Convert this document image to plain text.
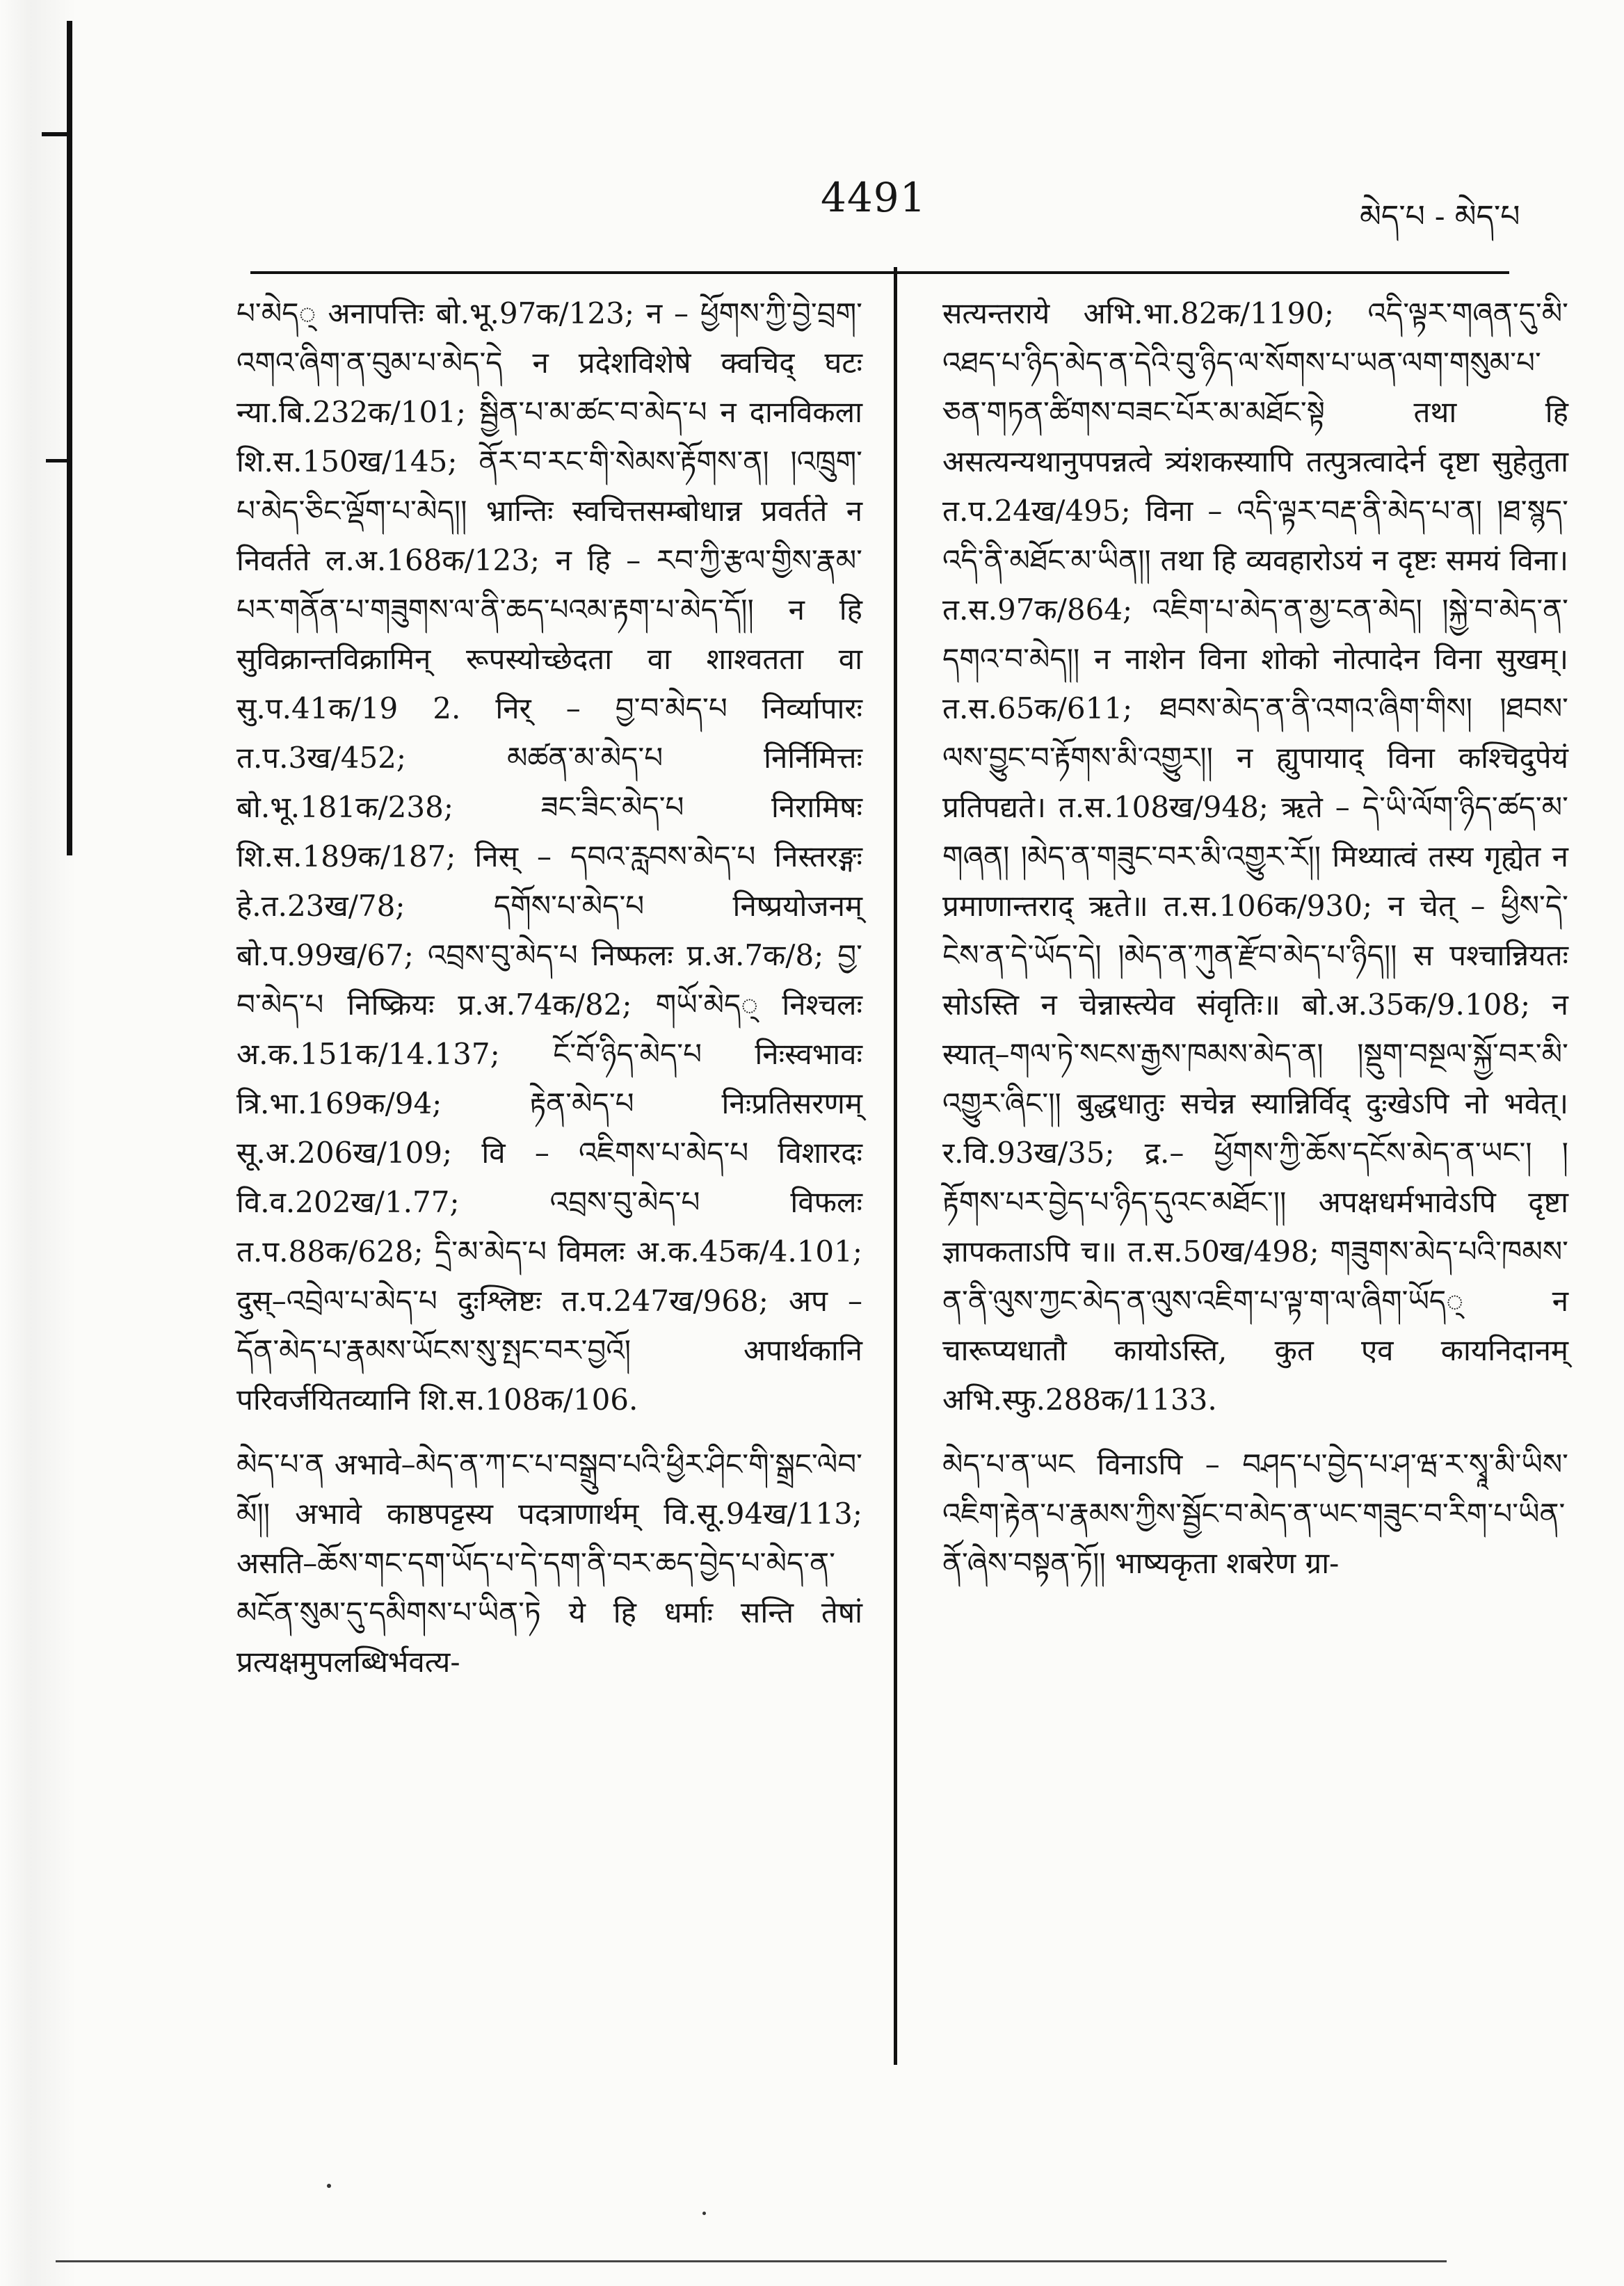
4491	མེད་པ - མེད་པ

པ་མེད् अनापत्तिः बो.भू.97क/123; न – ཕྱོགས་ཀྱི་བྱེ་བྲག་འགའ་ཞིག་ན་བུམ་པ་མེད་དེ न प्रदेशविशेषे क्वचिद् घटः न्या.बि.232क/101; སྦྱིན་པ་མ་ཚང་བ་མེད་པ न दानविकला शि.स.150ख/145; ནོར་བ་རང་གི་སེམས་རྟོགས་ན། །འཁྲུག་པ་མེད་ཅིང་ལྡོག་པ་མེད།། भ्रान्तिः स्वचित्तसम्बोधान्न प्रवर्तते न निवर्तते ल.अ.168क/123; न हि – རབ་ཀྱི་རྩལ་གྱིས་རྣམ་པར་གནོན་པ་གཟུགས་ལ་ནི་ཆད་པའམ་རྟག་པ་མེད་དོ།། न हि सुविक्रान्तविक्रामिन् रूपस्योच्छेदता वा शाश्वतता वा सु.प.41क/19 2. निर् – བྱ་བ་མེད་པ निर्व्यापारः त.प.3ख/452; མཚན་མ་མེད་པ निर्निमित्तः बो.भू.181क/238; ཟང་ཟིང་མེད་པ निरामिषः शि.स.189क/187; निस् – དབའ་རླབས་མེད་པ निस्तरङ्गः हे.त.23ख/78; དགོས་པ་མེད་པ निष्प्रयोजनम् बो.प.99ख/67; འབྲས་བུ་མེད་པ निष्फलः प्र.अ.7क/8; བྱ་བ་མེད་པ निष्क्रियः प्र.अ.74क/82; གཡོ་མེད् निश्चलः अ.क.151क/14.137; ངོ་བོ་ཉིད་མེད་པ निःस्वभावः त्रि.भा.169क/94; རྟེན་མེད་པ निःप्रतिसरणम् सू.अ.206ख/109; वि – འཇིགས་པ་མེད་པ विशारदः वि.व.202ख/1.77; འབྲས་བུ་མེད་པ विफलः त.प.88क/628; དྲི་མ་མེད་པ विमलः अ.क.45क/4.101; दुस्–འབྲེལ་པ་མེད་པ दुःश्लिष्टः त.प.247ख/968; अप – དོན་མེད་པ་རྣམས་ཡོངས་སུ་སྤང་བར་བྱའོ། अपार्थकानि परिवर्जयितव्यानि शि.स.108क/106.

མེད་པ་ན अभावे–མེད་ན་ཀ་ང་པ་བསྒྲུབ་པའི་ཕྱིར་ཤིང་གི་སྒྲང་ལེབ་མོ།། अभावे काष्ठपट्टस्य पदत्राणार्थम् वि.सू.94ख/113; असति–ཆོས་གང་དག་ཡོད་པ་དེ་དག་ནི་བར་ཆད་བྱེད་པ་མེད་ན་མངོན་སུམ་དུ་དམིགས་པ་ཡིན་ཏེ ये हि धर्माः सन्ति तेषां प्रत्यक्षमुपलब्धिर्भवत्य-

सत्यन्तराये अभि.भा.82क/1190; འདི་ལྟར་གཞན་དུ་མི་འཐད་པ་ཉིད་མེད་ན་དེའི་བུ་ཉིད་ལ་སོགས་པ་ཡན་ལག་གསུམ་པ་ཅན་གཏན་ཚིགས་བཟང་པོར་མ་མཐོང་སྟེ तथा हि असत्यन्यथानुपपन्नत्वे त्र्यंशकस्यापि तत्पुत्रत्वादेर्न दृष्टा सुहेतुता त.प.24ख/495; विना – འདི་ལྟར་བརྡ་ནི་མེད་པ་ན། །ཐ་སྙད་འདི་ནི་མཐོང་མ་ཡིན།། तथा हि व्यवहारोऽयं न दृष्टः समयं विना। त.स.97क/864; འཇིག་པ་མེད་ན་མྱ་ངན་མེད། །སྐྱེ་བ་མེད་ན་དགའ་བ་མེད།། न नाशेन विना शोको नोत्पादेन विना सुखम्। त.स.65क/611; ཐབས་མེད་ན་ནི་འགའ་ཞིག་གིས། །ཐབས་ལས་བྱུང་བ་རྟོགས་མི་འགྱུར།། न ह्युपायाद् विना कश्चिदुपेयं प्रतिपद्यते। त.स.108ख/948; ऋते – དེ་ཡི་ལོག་ཉིད་ཚད་མ་གཞན། །མེད་ན་གཟུང་བར་མི་འགྱུར་རོ།། मिथ्यात्वं तस्य गृह्येत न प्रमाणान्तराद् ऋते॥ त.स.106क/930; न चेत् – ཕྱིས་དེ་ངེས་ན་དེ་ཡོད་དེ། །མེད་ན་ཀུན་རྫོབ་མེད་པ་ཉིད།། स पश्चान्नियतः सोऽस्ति न चेन्नास्त्येव संवृतिः॥ बो.अ.35क/9.108; न स्यात्–གལ་ཏེ་སངས་རྒྱས་ཁམས་མེད་ན། །སྡུག་བསྔལ་སྐྱོ་བར་མི་འགྱུར་ཞིང་།། बुद्धधातुः सचेन्न स्यान्निर्विद् दुःखेऽपि नो भवेत्। र.वि.93ख/35; द्र.– ཕྱོགས་ཀྱི་ཆོས་དངོས་མེད་ན་ཡང་། །རྟོགས་པར་བྱེད་པ་ཉིད་དུའང་མཐོང་།། अपक्षधर्मभावेऽपि दृष्टा ज्ञापकताऽपि च॥ त.स.50ख/498; གཟུགས་མེད་པའི་ཁམས་ན་ནི་ལུས་ཀྱང་མེད་ན་ལུས་འཇིག་པ་ལྟ་ག་ལ་ཞིག་ཡོད् न चारूप्यधातौ कायोऽस्ति, कुत एव कायनिदानम् अभि.स्फु.288क/1133.

མེད་པ་ན་ཡང विनाऽपि – བཤད་པ་བྱེད་པ་ཤ་ཝ་ར་སྭཱ་མི་ཡིས་འཇིག་རྟེན་པ་རྣམས་ཀྱིས་སྦྱོང་བ་མེད་ན་ཡང་གཟུང་བ་རིག་པ་ཡིན་ནོ་ཞེས་བསྟན་ཏོ།། भाष्यकृता शबरेण ग्रा-
